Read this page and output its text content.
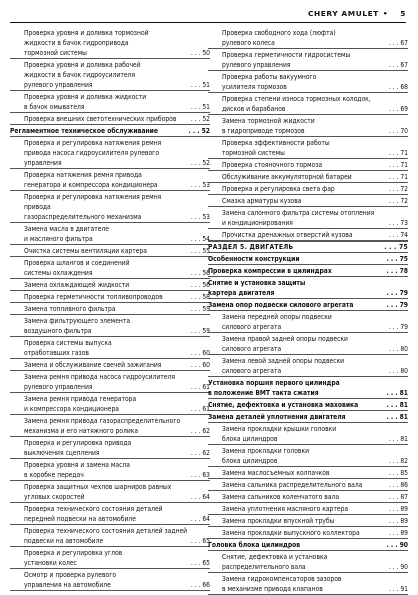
CHERY AMULET • 5
Проверка уровня и доливка тормозной
жидкости в бачок гидропривода
тормозной системы	. . . 50
Проверка уровня и доливка рабочей
жидкости в бачок гидроусилителя
рулевого управления	. . . 51
Проверка уровня и доливка жидкости
в бачок омывателя	. . . 51
Проверка внешних светотехнических приборов	. . . 52
Регламентное техническое обслуживание	. . . 52
Проверка и регулировка натяжения ремня
привода насоса гидроусилителя рулевого
управления	. . . 52
Проверка натяжения ремня привода
генератора и компрессора кондиционера	. . . 53
Проверка и регулировка натяжения ремня привода
газораспределительного механизма	. . . 53
Замена масла в двигателе
и масляного фильтра	. . . 54
Очистка системы вентиляции картера	. . . 55
Проверка шлангов и соединений
системы охлаждения	. . . 56
Замена охлаждающей жидкости	. . . 56
Проверка герметичности топливопроводов	. . . 58
Замена топливного фильтра	. . . 59
Замена фильтрующего элемента
воздушного фильтра	. . . 59
Проверка системы выпуска
отработавших газов	. . . 60
Замена и обслуживание свечей зажигания	. . . 60
Замена ремня привода насоса гидроусилителя
рулевого управления	. . . 61
Замена ремня привода генератора
и компрессора кондиционера	. . . 61
Замена ремня привода газораспределительного
механизма и его натяжного ролика	. . . 62
Проверка и регулировка привода
выключения сцепления	. . . 62
Проверка уровня и замена масла
в коробке передач	. . . 63
Проверка защитных чехлов шарниров равных
угловых скоростей	. . . 64
Проверка технического состояния деталей
передней подвески на автомобиле	. . . 64
Проверка технического состояния деталей задней
подвески на автомобиле	. . . 65
Проверка и регулировка углов
установки колес	. . . 65
Осмотр и проверка рулевого
управления на автомобиле	. . . 66
Проверка свободного хода (люфта)
рулевого колеса	. . . 67
Проверка герметичности гидросистемы
рулевого управления	. . . 67
Проверка работы вакуумного
усилителя тормозов	. . . 68
Проверка степени износа тормозных колодок,
дисков и барабанов	. . . 69
Замена тормозной жидкости
в гидроприводе тормозов	. . . 70
Проверка эффективности работы
тормозной системы	. . . 71
Проверка стояночного тормоза	. . . 71
Обслуживание аккумуляторной батареи	. . . 71
Проверка и регулировка света фар	. . . 72
Смазка арматуры кузова	. . . 72
Замена салонного фильтра системы отопления
и кондиционирования	. . . 73
Прочистка дренажных отверстий кузова	. . . 74
РАЗДЕЛ 5. ДВИГАТЕЛЬ	. . . 75
Особенности конструкции	. . . 75
Проверка компрессии в цилиндрах	. . . 78
Снятие и установка защиты
картера двигателя	. . . 79
Замена опор подвески силового агрегата	. . . 79
Замена передней опоры подвески
силового агрегата	. . . 79
Замена правой задней опоры подвески
силового агрегата	. . . 80
Замена левой задней опоры подвески
силового агрегата	. . . 80
Установка поршня первого цилиндра
в положение ВМТ такта сжатия	. . . 81
Снятие, дефектовка и установка маховика	. . . 81
Замена деталей уплотнения двигателя	. . . 81
Замена прокладки крышки головки
блока цилиндров	. . . 81
Замена прокладки головки
блока цилиндров	. . . 82
Замена маслосъемных колпачков	. . . 85
Замена сальника распределительного вала	. . . 86
Замена сальников коленчатого вала	. . . 87
Замена уплотнения масляного картера	. . . 89
Замена прокладки впускной трубы	. . . 89
Замена прокладки выпускного коллектора	. . . 89
Головка блока цилиндров	. . . 90
Снятие, дефектовка и установка
распределительного вала	. . . 90
Замена гидрокомпенсаторов зазоров
в механизме привода клапанов	. . . 91
